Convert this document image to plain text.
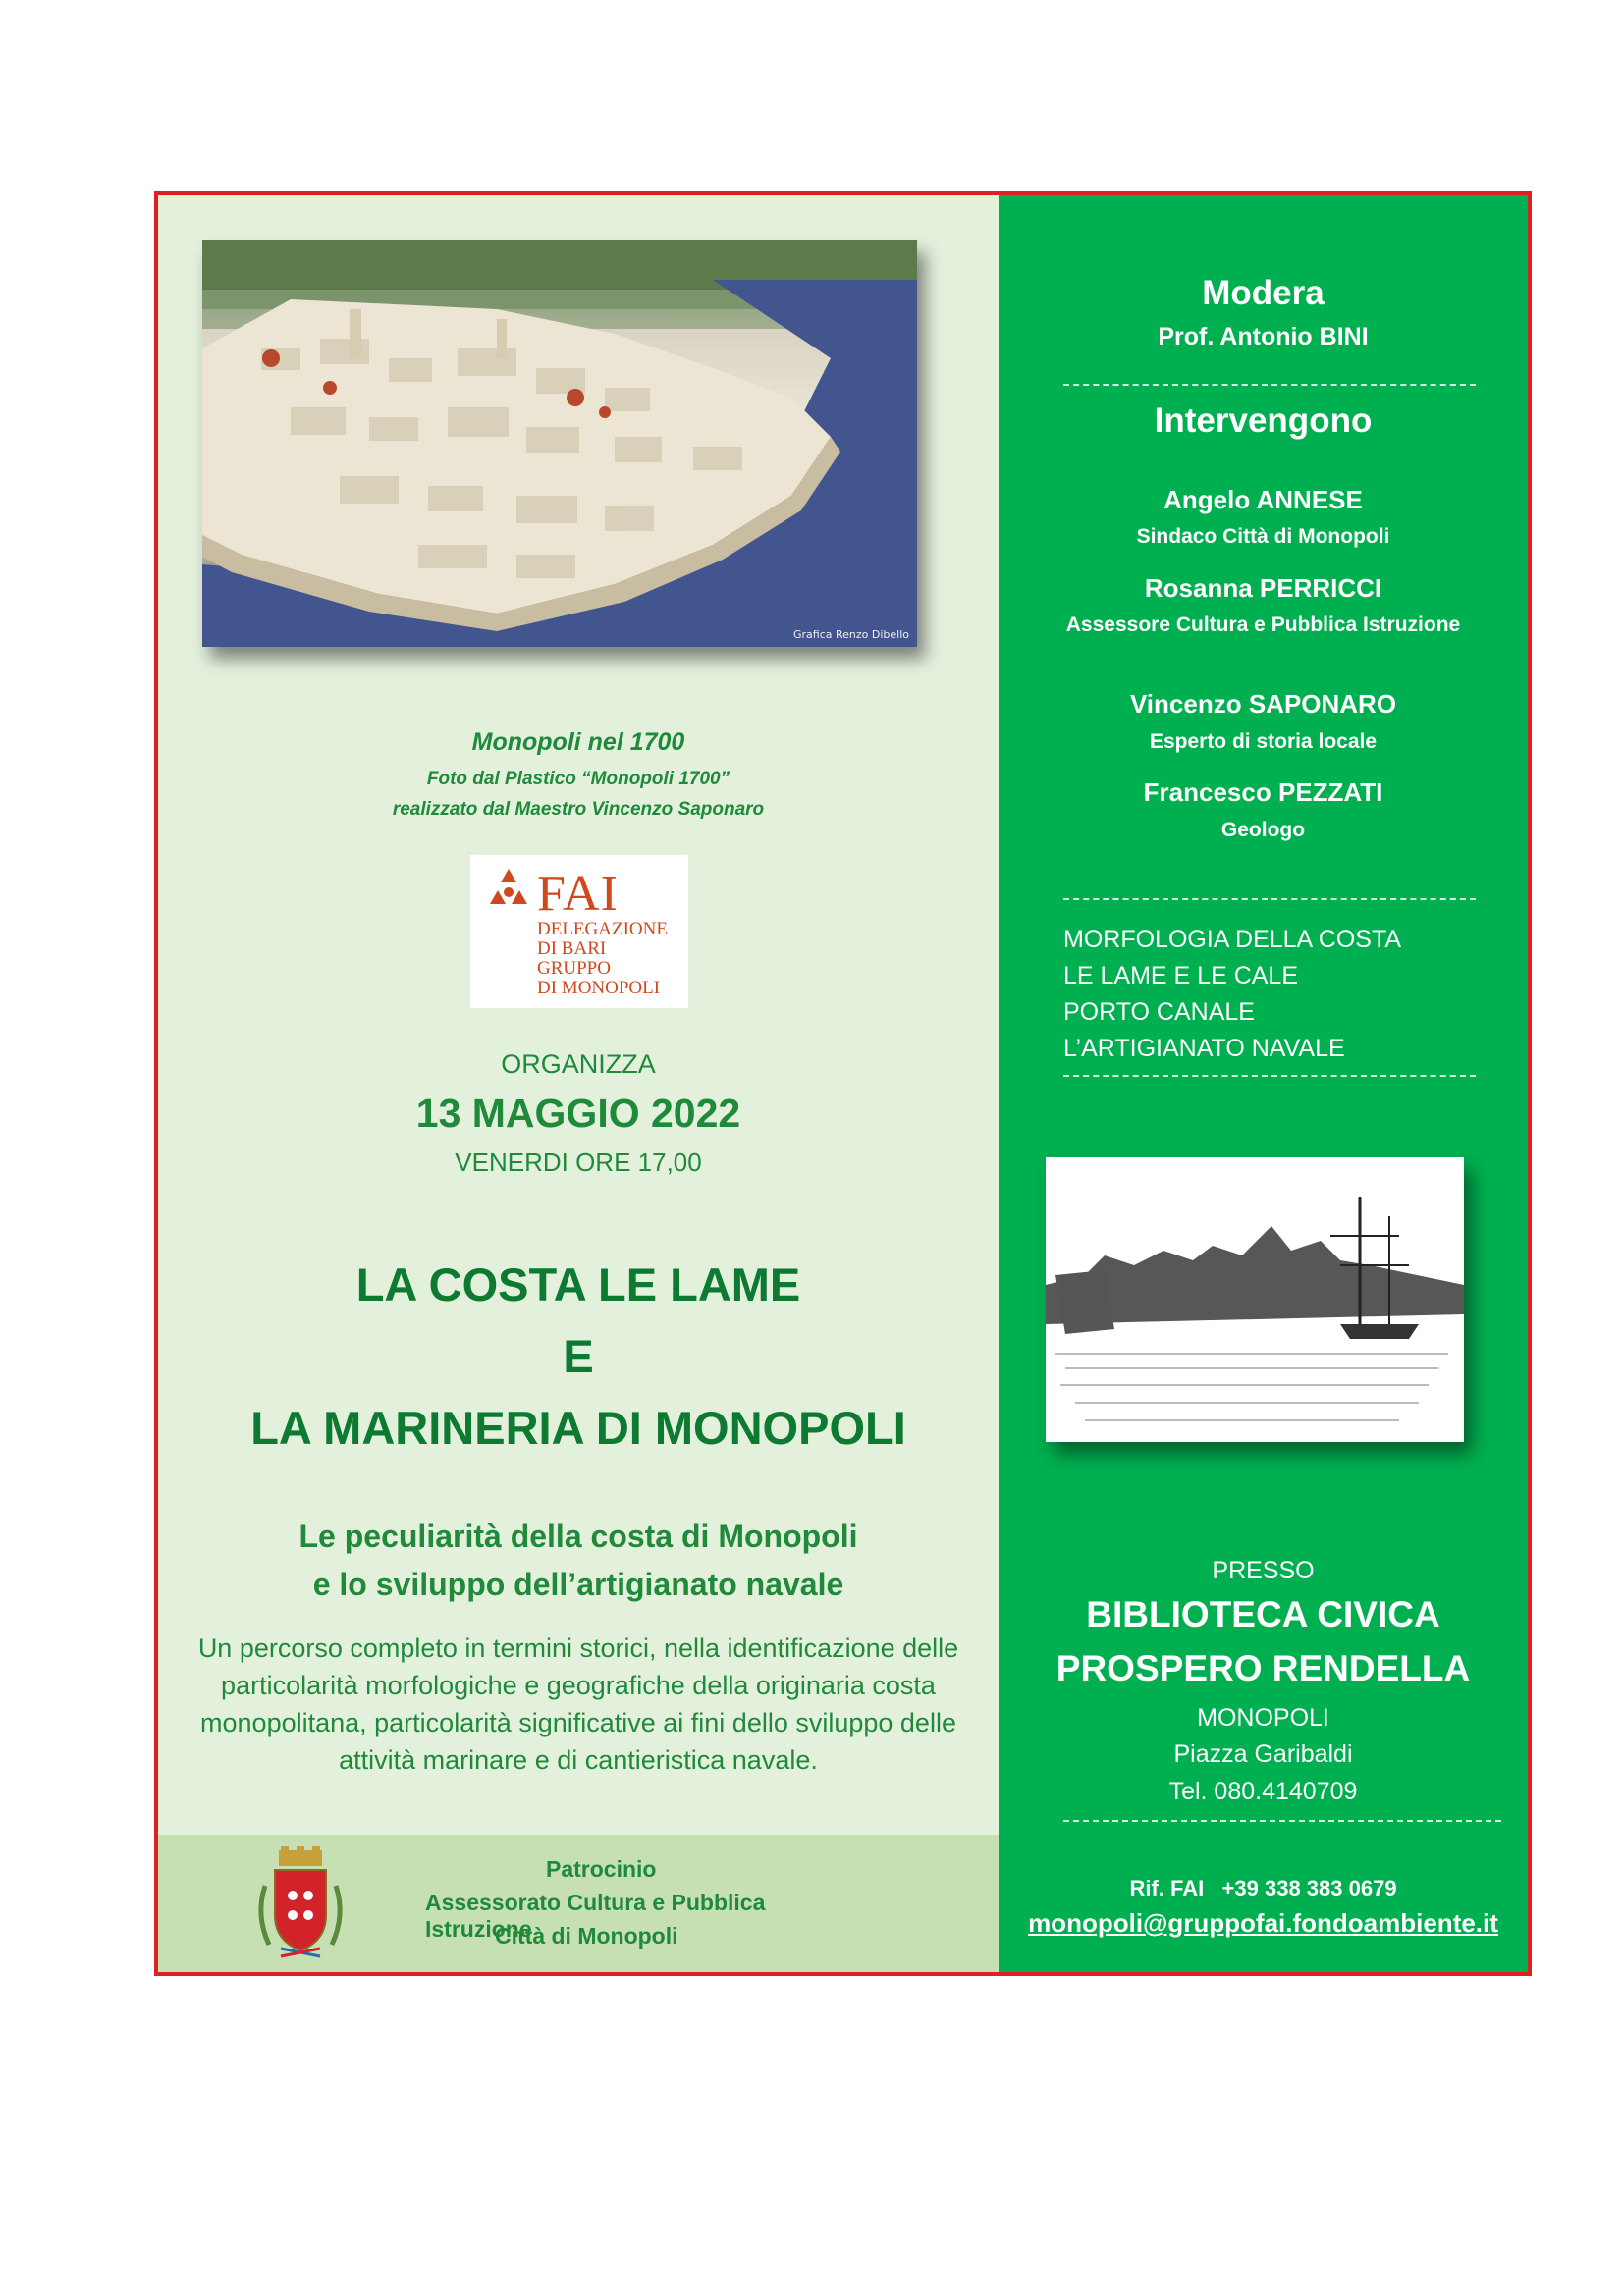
Grafica Renzo Dibello
Monopoli nel 1700
Foto dal Plastico “Monopoli 1700”
realizzato dal Maestro Vincenzo Saponaro
FAI
DELEGAZIONE
DI BARI
GRUPPO
DI MONOPOLI
ORGANIZZA
13 MAGGIO 2022
VENERDI ORE 17,00
LA COSTA LE LAME
E
LA MARINERIA DI MONOPOLI
Le peculiarità della costa di Monopoli
e lo sviluppo dell’artigianato navale
Un percorso completo in termini storici, nella identificazione delle particolarità morfologiche e geografiche della originaria costa monopolitana, particolarità significative ai fini dello sviluppo delle attività marinare e di cantieristica navale.
Patrocinio
Assessorato Cultura e Pubblica Istruzione
Città di Monopoli
Modera
Prof. Antonio BINI
Intervengono
Angelo ANNESE
Sindaco Città di Monopoli
Rosanna PERRICCI
Assessore Cultura e Pubblica Istruzione
Vincenzo SAPONARO
Esperto di storia locale
Francesco PEZZATI
Geologo
MORFOLOGIA DELLA COSTA
LE LAME E LE CALE
PORTO CANALE
L’ARTIGIANATO NAVALE
PRESSO
BIBLIOTECA CIVICA
PROSPERO RENDELLA
MONOPOLI
Piazza Garibaldi
Tel. 080.4140709
Rif. FAI   +39 338 383 0679
monopoli@gruppofai.fondoambiente.it
